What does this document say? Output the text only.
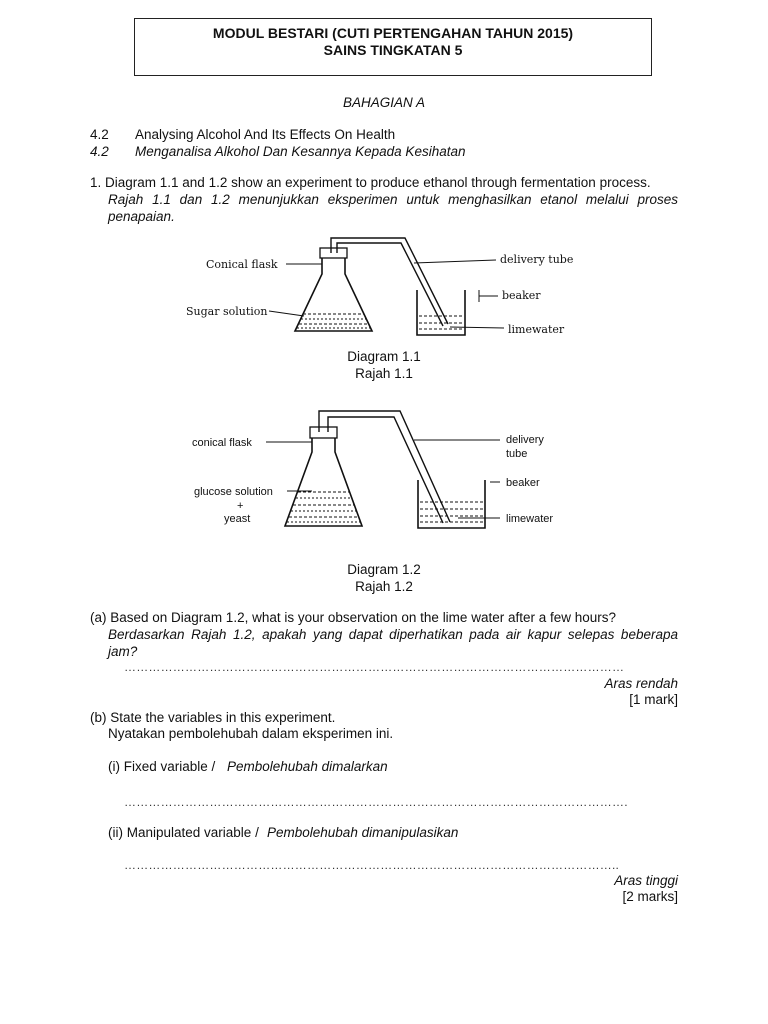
MODUL BESTARI (CUTI PERTENGAHAN TAHUN 2015)
SAINS TINGKATAN 5
BAHAGIAN A
4.2 Analysing Alcohol And Its Effects On Health
4.2 Menganalisa Alkohol Dan Kesannya Kepada Kesihatan
1. Diagram 1.1 and 1.2 show an experiment to produce ethanol through fermentation process.
Rajah 1.1 dan 1.2 menunjukkan eksperimen untuk menghasilkan etanol melalui proses penapaian.
Conical flask
Sugar solution
delivery tube
beaker
limewater
Diagram 1.1
Rajah 1.1
conical flask
glucose solution
+
yeast
delivery
tube
beaker
limewater
Diagram 1.2
Rajah 1.2
(a) Based on Diagram 1.2, what is your observation on the lime water after a few hours?
Berdasarkan Rajah 1.2, apakah yang dapat diperhatikan pada air kapur selepas beberapa jam?
……………………………………………………………………………………………………………
Aras rendah
[1 mark]
(b) State the variables in this experiment.
Nyatakan pembolehubah dalam eksperimen ini.
(i) Fixed variable / Pembolehubah dimalarkan
…………………………………………………………………………………………………………….
(ii) Manipulated variable / Pembolehubah dimanipulasikan
…………………………………………………………………………………………………………..
Aras tinggi
[2 marks]
